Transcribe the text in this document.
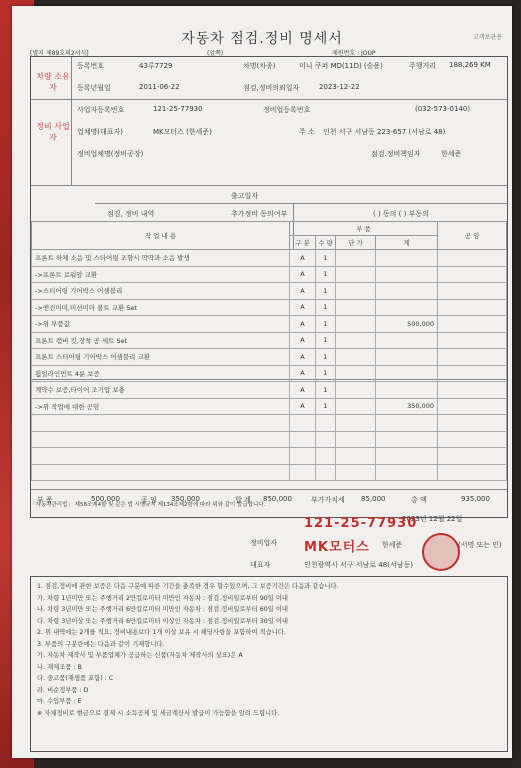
자동차 점검.정비 명세서	고객보관용
[별지 제89호의2서식]	(앞쪽)	제원번호 : JOUP
차량 소유자
등록번호	43루7729	차명(차종)	미니 쿠퍼 MD(11D) (승용)	주행거리 188,269 KM
등록년월일	2011-06-22	점검,정비의뢰일자	2023-12-22
정비 사업자
사업자등록번호	121-25-77930	정비업등록번호	(032-573-0140)
업체명(대표자)	MK모터스 (한세준)	주 소 인천 서구 서남동 223-657 (서남로 48)
정비업체명(정비공장)	점검.정비책임자	한세준
출고일자
점검, 정비 내역	추가정비 동의여부	( ) 동의 ( ) 부동의
작 업 내 용	부 품				공 임
	구 분	수 량	단 가	계	
프론트 하체 소음 및 스티어링 조향시 딱딱과 소음 발생	A	1			
->프론트 로워암 교환	A	1			
->스티어링 기어박스 어셈블리	A	1			
->엔진미미,미션미미 볼트 교환 Set	A	1			
->위 부품값	A	1		500,000	
프론트 캠버 킷,장착 공 세트 Set	A	1			
프론트 스티어링 기어박스 어셈블리 교환	A	1			
휠얼라인먼트 4륜 보증	A	1			
계약수 보증,타이어 조기압 보충	A	1			
->위 작업에 대한 공임	A	1		350,000	

부 품	500,000	공 임 350,000	합 계 850,000	부가가치세 85,000	총 액	935,000
「자동차관리법」 제58조제4항 및 같은 법 시행규칙 제134조제2항에 따라 위와 같이 발급합니다.
2023년 12월 22일
121-25-77930
정비업자 MK모터스 한세준	(서명 또는 인)
대표자	인천광역시 서구 서남로 48(서남동)
1. 점검,정비에 관한 보증은 다음 구분에 따른 기간을 충족한 경우 할수있으며, 그 보증기간은 다음과 같습니다.
가. 차령 1년미만 또는 주행거리 2만킬로미터 미만인 자동차 : 점검.정비일로부터 90일 이내
나. 차령 3년미만 또는 주행거리 6만킬로미터 미만인 자동차 : 점검.정비일로부터 60일 이내
다. 차령 3년이상 또는 주행거리 6만킬로미터 이상인 자동차 : 점검.정비일로부터 30일 이내
2. 위 내역에는 2개를 적요, 정비내용보다 1개 이상 보유 시 해당사항을 포함하여 적습니다.
3. 부품의 구분란에는 다음과 같이 기재합니다.
가. 자동차 제작사 및 부품업체가 공급하는 신품(자동차 제작사의 상표)은 A
나. 재제조품 : B
다. 중고품(재생품 포함) : C
라. 비순정부품 : D
마. 수입부품 : E
※ 자체정비로 현금으로 결제 시 소득공제 및 세금계산서 발급이 가능함을 알려 드립니다.
